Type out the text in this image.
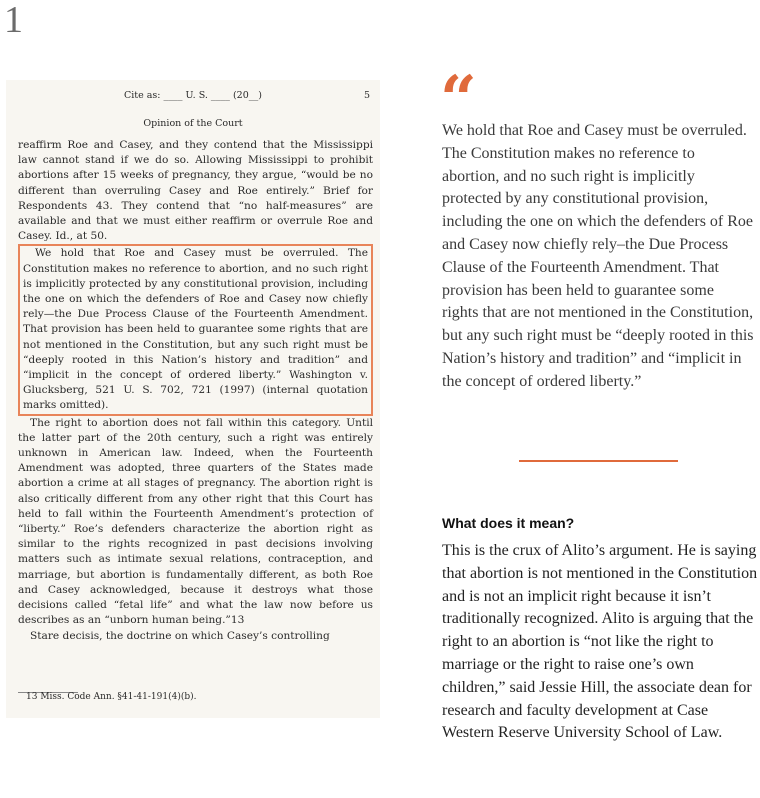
1
Cite as: ____ U. S. ____ (20__)	5
Opinion of the Court

reaffirm Roe and Casey, and they contend that the Mississippi law cannot stand if we do so. Allowing Mississippi to prohibit abortions after 15 weeks of pregnancy, they argue, “would be no different than overruling Casey and Roe entirely.” Brief for Respondents 43. They contend that “no half-measures” are available and that we must either reaffirm or overrule Roe and Casey. Id., at 50.

We hold that Roe and Casey must be overruled. The Constitution makes no reference to abortion, and no such right is implicitly protected by any constitutional provision, including the one on which the defenders of Roe and Casey now chiefly rely—the Due Process Clause of the Fourteenth Amendment. That provision has been held to guarantee some rights that are not mentioned in the Constitution, but any such right must be “deeply rooted in this Nation’s history and tradition” and “implicit in the concept of ordered liberty.” Washington v. Glucksberg, 521 U. S. 702, 721 (1997) (internal quotation marks omitted).

The right to abortion does not fall within this category. Until the latter part of the 20th century, such a right was entirely unknown in American law. Indeed, when the Fourteenth Amendment was adopted, three quarters of the States made abortion a crime at all stages of pregnancy. The abortion right is also critically different from any other right that this Court has held to fall within the Fourteenth Amendment’s protection of “liberty.” Roe’s defenders characterize the abortion right as similar to the rights recognized in past decisions involving matters such as intimate sexual relations, contraception, and marriage, but abortion is fundamentally different, as both Roe and Casey acknowledged, because it destroys what those decisions called “fetal life” and what the law now before us describes as an “unborn human being.”13

Stare decisis, the doctrine on which Casey’s controlling

13 Miss. Code Ann. §41-41-191(4)(b).
“
We hold that Roe and Casey must be overruled. The Constitution makes no reference to abortion, and no such right is implicitly protected by any constitutional provision, including the one on which the defenders of Roe and Casey now chiefly rely–the Due Process Clause of the Fourteenth Amendment. That provision has been held to guarantee some rights that are not mentioned in the Constitution, but any such right must be “deeply rooted in this Nation’s history and tradition” and “implicit in the concept of ordered liberty.”
What does it mean?
This is the crux of Alito’s argument. He is saying that abortion is not mentioned in the Constitution and is not an implicit right because it isn’t traditionally recognized. Alito is arguing that the right to an abortion is “not like the right to marriage or the right to raise one’s own children,” said Jessie Hill, the associate dean for research and faculty development at Case Western Reserve University School of Law.
